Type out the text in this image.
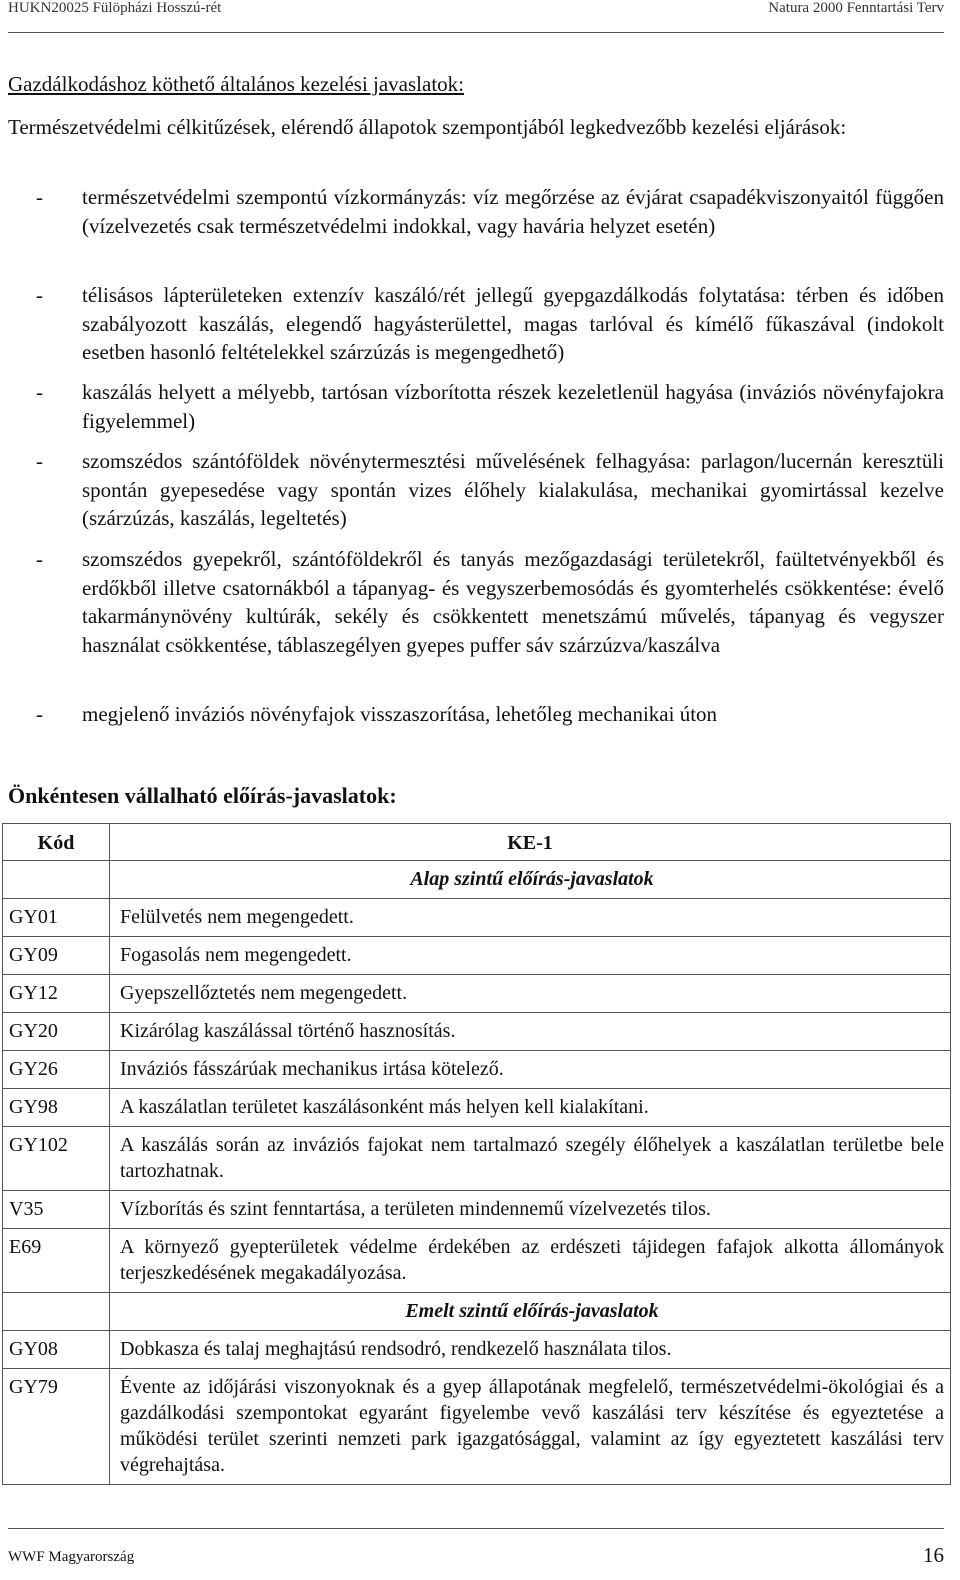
HUKN20025 Fülöpházi Hosszú-rét	Natura 2000 Fenntartási Terv
Gazdálkodáshoz köthető általános kezelési javaslatok:
Természetvédelmi célkitűzések, elérendő állapotok szempontjából legkedvezőbb kezelési eljárások:
- természetvédelmi szempontú vízkormányzás: víz megőrzése az évjárat csapadékviszonyaitól függően (vízelvezetés csak természetvédelmi indokkal, vagy havária helyzet esetén)
- télisásos lápterületeken extenzív kaszáló/rét jellegű gyepgazdálkodás folytatása: térben és időben szabályozott kaszálás, elegendő hagyásterülettel, magas tarlóval és kímélő fűkaszával (indokolt esetben hasonló feltételekkel szárzúzás is megengedhető)
- kaszálás helyett a mélyebb, tartósan vízborította részek kezeletlenül hagyása (inváziós növényfajokra figyelemmel)
- szomszédos szántóföldek növénytermesztési művelésének felhagyása: parlagon/lucernán keresztüli spontán gyepesedése vagy spontán vizes élőhely kialakulása, mechanikai gyomirtással kezelve (szárzúzás, kaszálás, legeltetés)
- szomszédos gyepekről, szántóföldekről és tanyás mezőgazdasági területekről, faültetvényekből és erdőkből illetve csatornákból a tápanyag- és vegyszerbemosódás és gyomterhelés csökkentése: évelő takarmánynövény kultúrák, sekély és csökkentett menetszámú művelés, tápanyag és vegyszer használat csökkentése, táblaszegélyen gyepes puffer sáv szárzúzva/kaszálva
- megjelenő inváziós növényfajok visszaszorítása, lehetőleg mechanikai úton
Önkéntesen vállalható előírás-javaslatok:
Kód	KE-1
	Alap szintű előírás-javaslatok
GY01	Felülvetés nem megengedett.
GY09	Fogasolás nem megengedett.
GY12	Gyepszellőztetés nem megengedett.
GY20	Kizárólag kaszálással történő hasznosítás.
GY26	Inváziós fásszárúak mechanikus irtása kötelező.
GY98	A kaszálatlan területet kaszálásonként más helyen kell kialakítani.
GY102	A kaszálás során az inváziós fajokat nem tartalmazó szegély élőhelyek a kaszálatlan területbe bele tartozhatnak.
V35	Vízborítás és szint fenntartása, a területen mindennemű vízelvezetés tilos.
E69	A környező gyepterületek védelme érdekében az erdészeti tájidegen fafajok alkotta állományok terjeszkedésének megakadályozása.
	Emelt szintű előírás-javaslatok
GY08	Dobkasza és talaj meghajtású rendsodró, rendkezelő használata tilos.
GY79	Évente az időjárási viszonyoknak és a gyep állapotának megfelelő, természetvédelmi-ökológiai és a gazdálkodási szempontokat egyaránt figyelembe vevő kaszálási terv készítése és egyeztetése a működési terület szerinti nemzeti park igazgatósággal, valamint az így egyeztetett kaszálási terv végrehajtása.
WWF Magyarország	16
